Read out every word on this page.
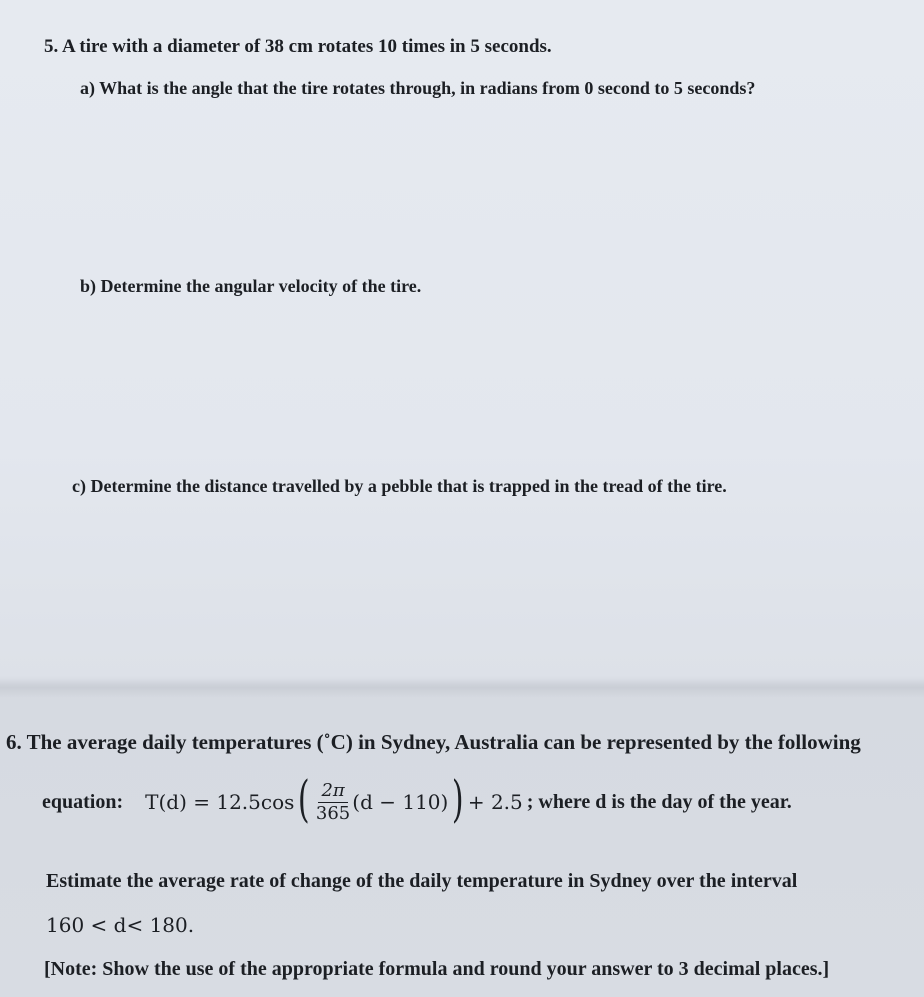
5. A tire with a diameter of 38 cm rotates 10 times in 5 seconds.
a) What is the angle that the tire rotates through, in radians from 0 second to 5 seconds?
b) Determine the angular velocity of the tire.
c) Determine the distance travelled by a pebble that is trapped in the tread of the tire.
6. The average daily temperatures (˚C) in Sydney, Australia can be represented by the following
equation: T(d) = 12.5cos ( $\frac{2\pi}{365} (d - 110)$ ) + 2.5 ; where d is the day of the year.
Estimate the average rate of change of the daily temperature in Sydney over the interval
160 < d< 180.
[Note: Show the use of the appropriate formula and round your answer to 3 decimal places.]
